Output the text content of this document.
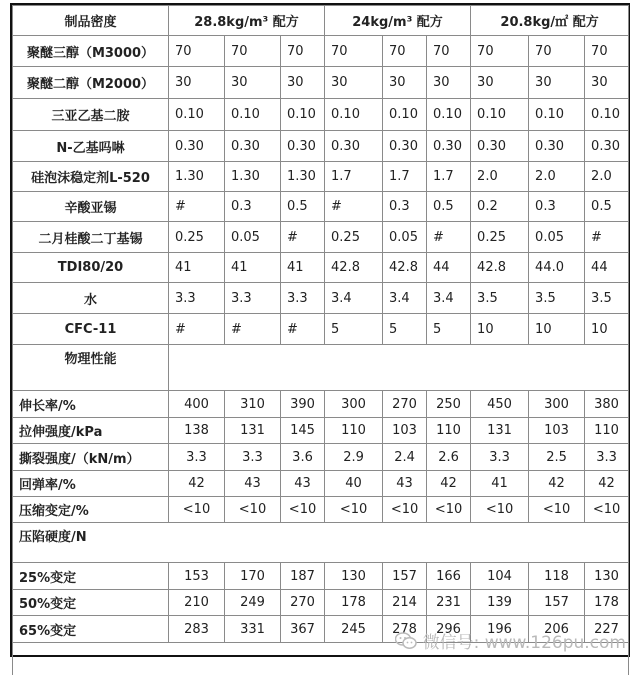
制品密度	28.8kg/m³ 配方			24kg/m³ 配方			20.8kg/㎡ 配方		
聚醚三醇（M3000）	70	70	70	70	70	70	70	70	70
聚醚二醇（M2000）	30	30	30	30	30	30	30	30	30
三亚乙基二胺	0.10	0.10	0.10	0.10	0.10	0.10	0.10	0.10	0.10
N-乙基吗啉	0.30	0.30	0.30	0.30	0.30	0.30	0.30	0.30	0.30
硅泡沫稳定剂L-520	1.30	1.30	1.30	1.7	1.7	1.7	2.0	2.0	2.0
辛酸亚锡	#	0.3	0.5	#	0.3	0.5	0.2	0.3	0.5
二月桂酸二丁基锡	0.25	0.05	#	0.25	0.05	#	0.25	0.05	#
TDI80/20	41	41	41	42.8	42.8	44	42.8	44.0	44
水	3.3	3.3	3.3	3.4	3.4	3.4	3.5	3.5	3.5
CFC-11	#	#	#	5	5	5	10	10	10
物理性能									
伸长率/%	400	310	390	300	270	250	450	300	380
拉伸强度/kPa	138	131	145	110	103	110	131	103	110
撕裂强度/（kN/m）	3.3	3.3	3.6	2.9	2.4	2.6	3.3	2.5	3.3
回弹率/%	42	43	43	40	43	42	41	42	42
压缩变定/%	<10	<10	<10	<10	<10	<10	<10	<10	<10
压陷硬度/N									
25%变定	153	170	187	130	157	166	104	118	130
50%变定	210	249	270	178	214	231	139	157	178
65%变定	283	331	367	245	278	296	196	206	227

微信号: www.126pu.com
